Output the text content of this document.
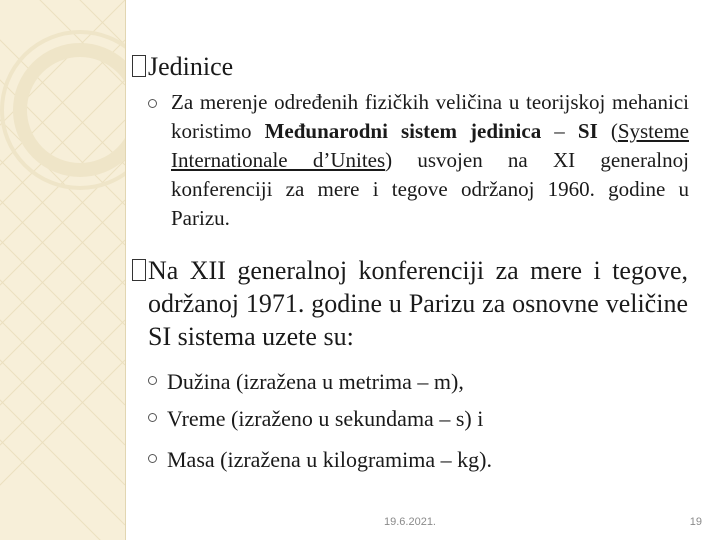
Jedinice
Za merenje određenih fizičkih veličina u teorijskoj mehanici koristimo Međunarodni sistem jedinica – SI (Systeme Internationale d’Unites) usvojen na XI generalnoj konferenciji za mere i tegove održanoj 1960. godine u Parizu.
Na XII generalnoj konferenciji za mere i tegove, održanoj 1971. godine u Parizu za osnovne veličine SI sistema uzete su:
Dužina (izražena u metrima – m),
Vreme (izraženo u sekundama – s) i
Masa (izražena u kilogramima – kg).
19.6.2021.	19
